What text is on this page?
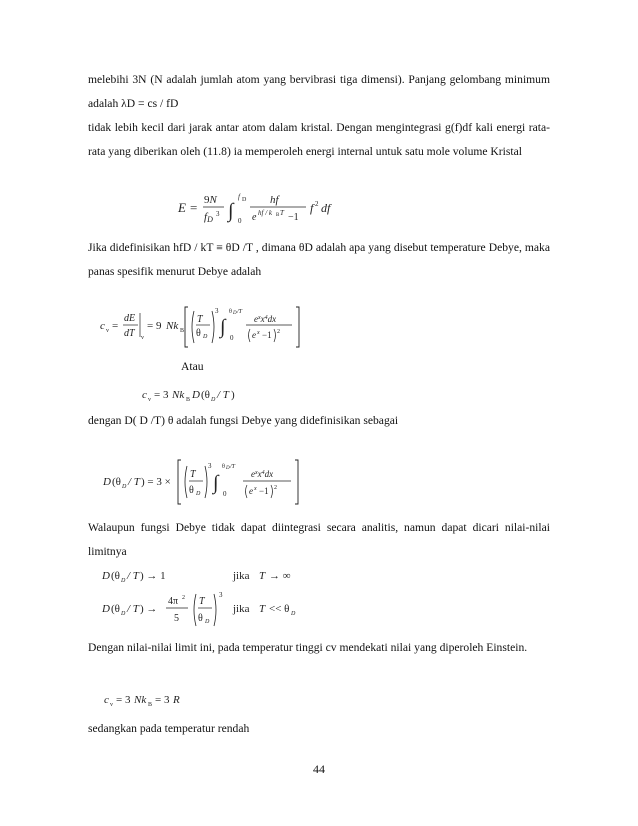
melebihi 3N (N adalah jumlah atom yang bervibrasi tiga dimensi). Panjang gelombang minimum adalah λD = cs / fD
tidak lebih kecil dari jarak antar atom dalam kristal. Dengan mengintegrasi g(f)df kali energi rata-rata yang diberikan oleh (11.8) ia memperoleh energi internal untuk satu mole volume Kristal
E = 9N
fD
3 ∫ 0
f D hf
e hf / k B T −1
f 2 df
Jika didefinisikan hfD / kT ≡ θD /T , dimana θD adalah apa yang disebut temperature Debye, maka panas spesifik menurut Debye adalah
c v =
dE
dT v
= 9 Nk B
T
θ D
3
∫ 0
θ D /T
$e^xx^4dx$
e x −1 2
Atau
c v = 3 Nk B D (θ D / T )
dengan D( D /T) θ adalah fungsi Debye yang didefinisikan sebagai
D (θ D / T ) = 3 ×
T
θ D
3
∫ 0
θ D /T
$e^xx^4dx$
e x −1 2
Walaupun fungsi Debye tidak dapat diintegrasi secara analitis, namun dapat dicari nilai-nilai limitnya
D (θ D / T ) → 1	jika T → ∞
D (θ D / T ) →
4π 2
5
T
θ D
3
jika T << θ D
Dengan nilai-nilai limit ini, pada temperatur tinggi cv mendekati nilai yang diperoleh Einstein.
c v = 3 Nk B = 3 R
sedangkan pada temperatur rendah
44
